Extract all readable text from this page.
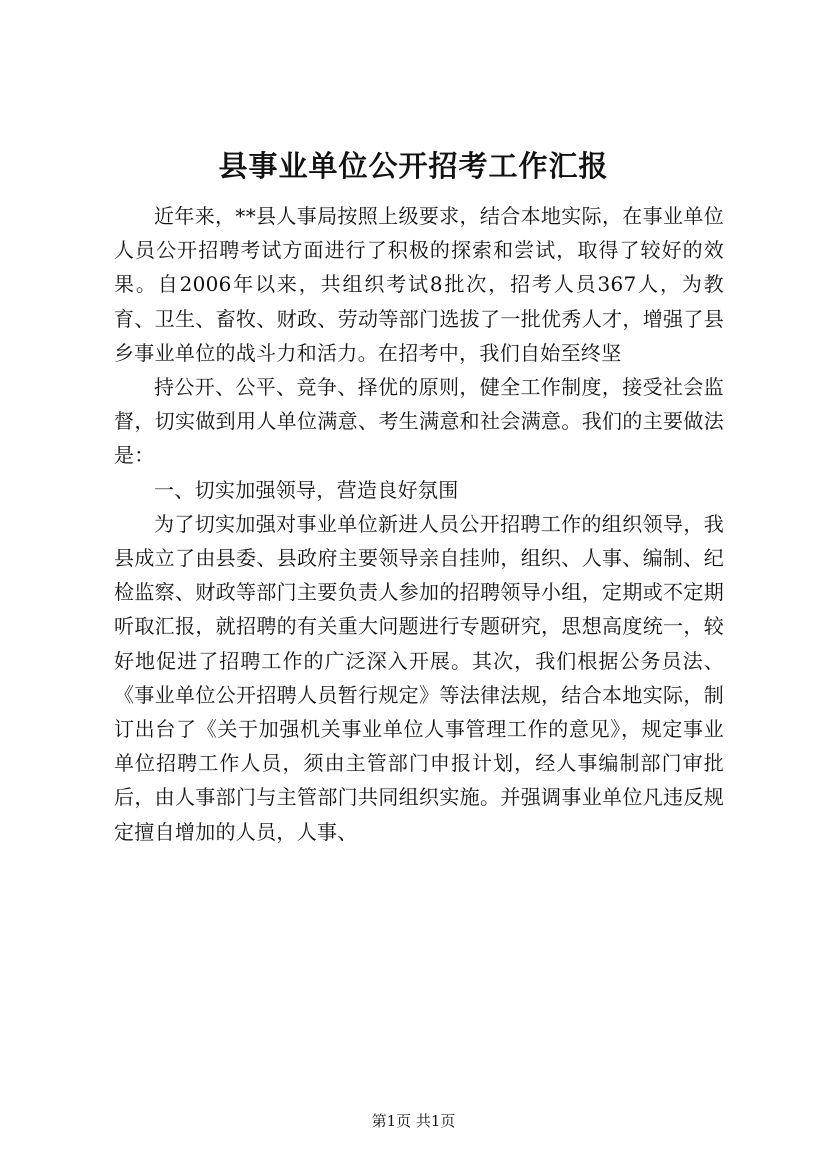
县事业单位公开招考工作汇报

近年来，**县人事局按照上级要求，结合本地实际，在事业单位人员公开招聘考试方面进行了积极的探索和尝试，取得了较好的效果。自2006年以来，共组织考试8批次，招考人员367人，为教育、卫生、畜牧、财政、劳动等部门选拔了一批优秀人才，增强了县乡事业单位的战斗力和活力。在招考中，我们自始至终坚

持公开、公平、竞争、择优的原则，健全工作制度，接受社会监督，切实做到用人单位满意、考生满意和社会满意。我们的主要做法是：

一、切实加强领导，营造良好氛围

为了切实加强对事业单位新进人员公开招聘工作的组织领导，我县成立了由县委、县政府主要领导亲自挂帅，组织、人事、编制、纪检监察、财政等部门主要负责人参加的招聘领导小组，定期或不定期听取汇报，就招聘的有关重大问题进行专题研究，思想高度统一，较好地促进了招聘工作的广泛深入开展。其次，我们根据公务员法、《事业单位公开招聘人员暂行规定》等法律法规，结合本地实际，制订出台了《关于加强机关事业单位人事管理工作的意见》，规定事业单位招聘工作人员，须由主管部门申报计划，经人事编制部门审批后，由人事部门与主管部门共同组织实施。并强调事业单位凡违反规定擅自增加的人员，人事、

第1页 共1页
